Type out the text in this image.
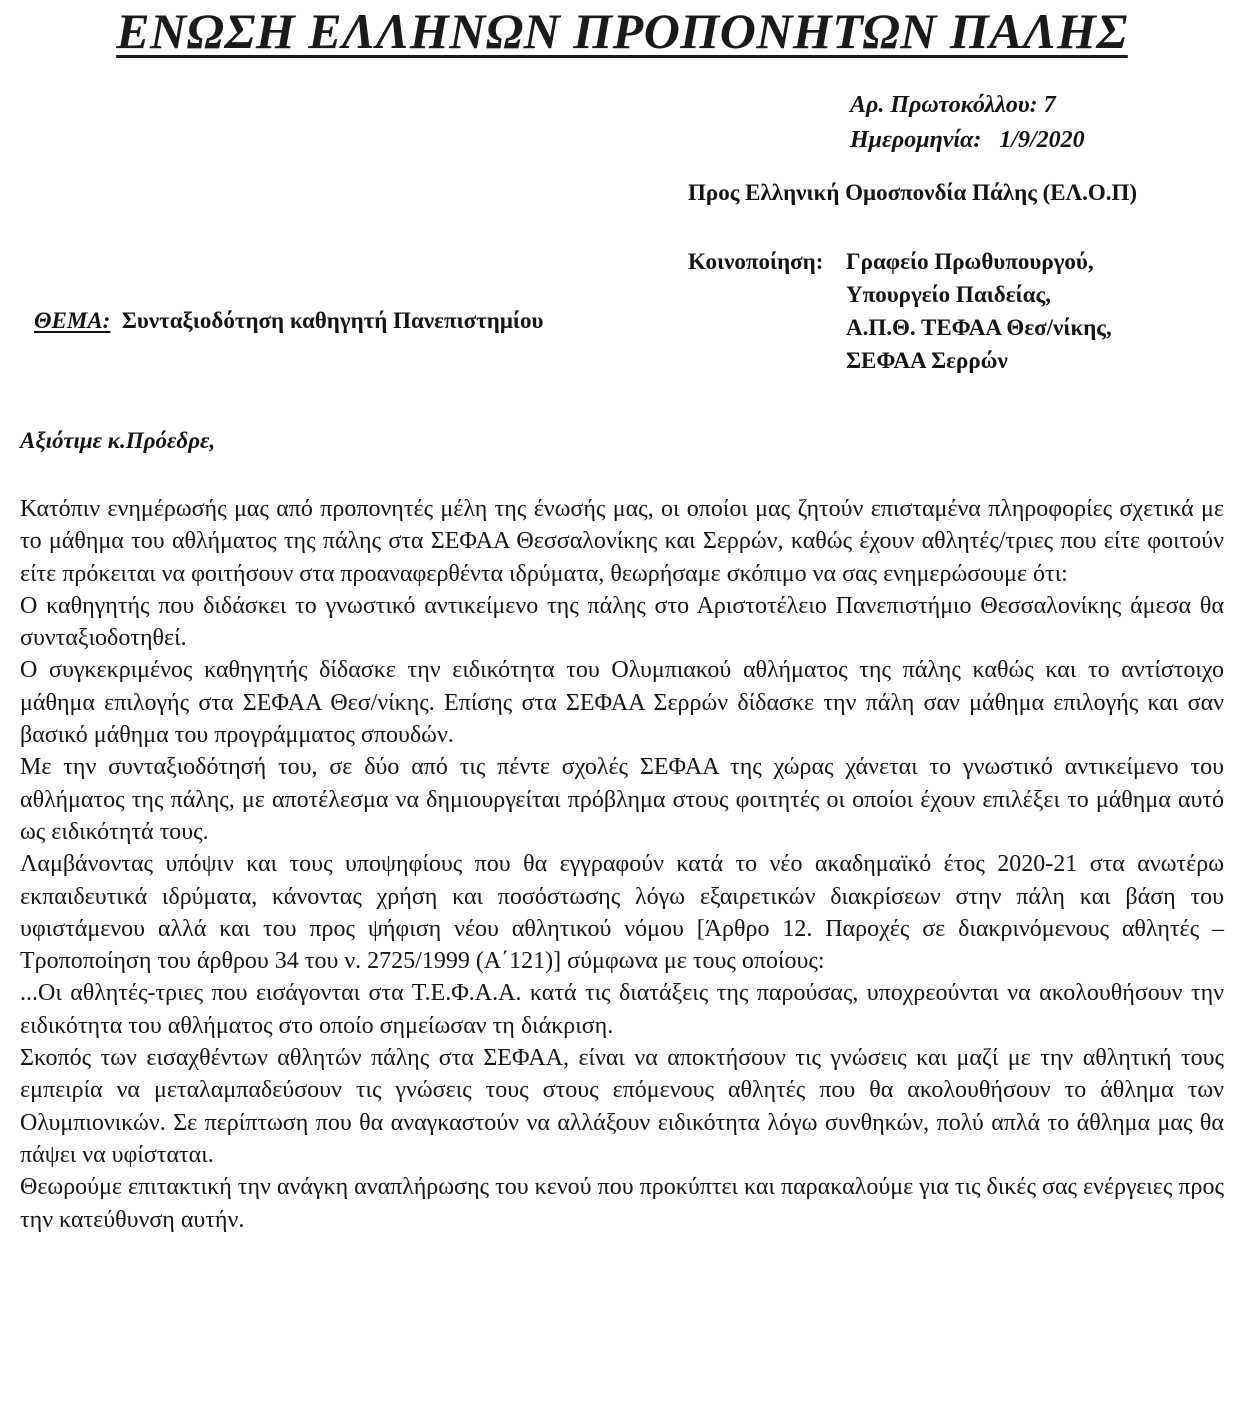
ΕΝΩΣΗ ΕΛΛΗΝΩΝ ΠΡΟΠΟΝΗΤΩΝ ΠΑΛΗΣ
Αρ. Πρωτοκόλλου: 7
Ημερομηνία:   1/9/2020
Προς Ελληνική Ομοσπονδία Πάλης (ΕΛ.Ο.Π)
Κοινοποίηση: Γραφείο Πρωθυπουργού,
Υπουργείο Παιδείας,
Α.Π.Θ. ΤΕΦΑΑ Θεσ/νίκης,
ΣΕΦΑΑ Σερρών
ΘΕΜΑ: Συνταξιοδότηση καθηγητή Πανεπιστημίου
Αξιότιμε κ.Πρόεδρε,

Κατόπιν ενημέρωσής μας από προπονητές μέλη της ένωσής μας, οι οποίοι μας ζητούν επισταμένα πληροφορίες σχετικά με το μάθημα του αθλήματος της πάλης στα ΣΕΦΑΑ Θεσσαλονίκης και Σερρών, καθώς έχουν αθλητές/τριες που είτε φοιτούν είτε πρόκειται να φοιτήσουν στα προαναφερθέντα ιδρύματα, θεωρήσαμε σκόπιμο να σας ενημερώσουμε ότι:

Ο καθηγητής που διδάσκει το γνωστικό αντικείμενο της πάλης στο Αριστοτέλειο Πανεπιστήμιο Θεσσαλονίκης άμεσα θα συνταξιοδοτηθεί.

Ο συγκεκριμένος καθηγητής δίδασκε την ειδικότητα του Ολυμπιακού αθλήματος της πάλης καθώς και το αντίστοιχο μάθημα επιλογής στα ΣΕΦΑΑ Θεσ/νίκης. Επίσης στα ΣΕΦΑΑ Σερρών δίδασκε την πάλη σαν μάθημα επιλογής και σαν βασικό μάθημα του προγράμματος σπουδών.

Με την συνταξιοδότησή του, σε δύο από τις πέντε σχολές ΣΕΦΑΑ της χώρας χάνεται το γνωστικό αντικείμενο του αθλήματος της πάλης, με αποτέλεσμα να δημιουργείται πρόβλημα στους φοιτητές οι οποίοι έχουν επιλέξει το μάθημα αυτό ως ειδικότητά τους.

Λαμβάνοντας υπόψιν και τους υποψηφίους που θα εγγραφούν κατά το νέο ακαδημαϊκό έτος 2020-21 στα ανωτέρω εκπαιδευτικά ιδρύματα, κάνοντας χρήση και ποσόστωσης λόγω εξαιρετικών διακρίσεων στην πάλη και βάση του υφιστάμενου αλλά και του προς ψήφιση νέου αθλητικού νόμου [Άρθρο 12. Παροχές σε διακρινόμενους αθλητές – Τροποποίηση του άρθρου 34 του ν. 2725/1999 (Α΄121)] σύμφωνα με τους οποίους:

...Οι αθλητές-τριες που εισάγονται στα Τ.Ε.Φ.Α.Α. κατά τις διατάξεις της παρούσας, υποχρεούνται να ακολουθήσουν την ειδικότητα του αθλήματος στο οποίο σημείωσαν τη διάκριση.

Σκοπός των εισαχθέντων αθλητών πάλης στα ΣΕΦΑΑ, είναι να αποκτήσουν τις γνώσεις και μαζί με την αθλητική τους εμπειρία να μεταλαμπαδεύσουν τις γνώσεις τους στους επόμενους αθλητές που θα ακολουθήσουν το άθλημα των Ολυμπιονικών. Σε περίπτωση που θα αναγκαστούν να αλλάξουν ειδικότητα λόγω συνθηκών, πολύ απλά το άθλημα μας θα πάψει να υφίσταται.

Θεωρούμε επιτακτική την ανάγκη αναπλήρωσης του κενού που προκύπτει και παρακαλούμε για τις δικές σας ενέργειες προς την κατεύθυνση αυτήν.
